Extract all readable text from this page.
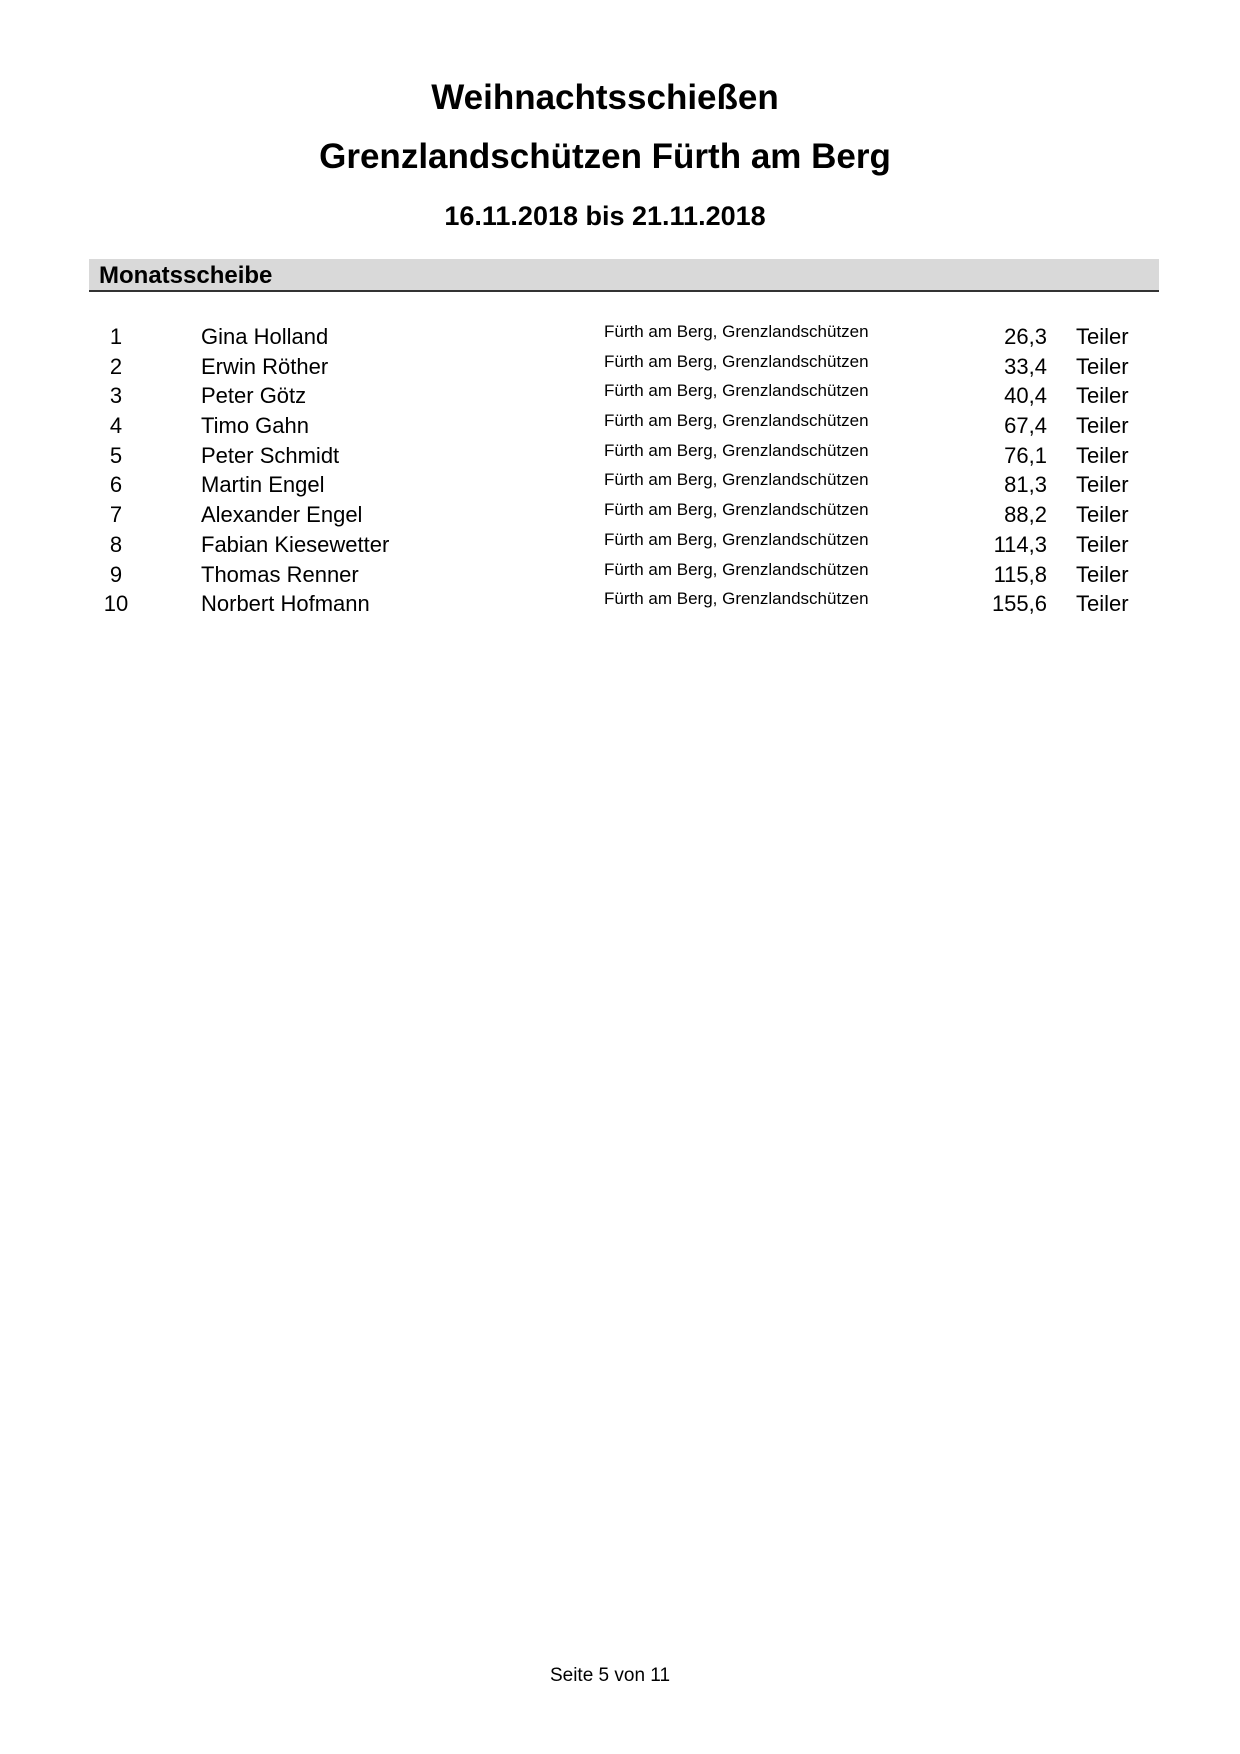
Weihnachtsschießen
Grenzlandschützen Fürth am Berg
16.11.2018 bis 21.11.2018
Monatsscheibe
1	Gina Holland	Fürth am Berg, Grenzlandschützen	26,3 Teiler
2	Erwin Röther	Fürth am Berg, Grenzlandschützen	33,4 Teiler
3	Peter Götz	Fürth am Berg, Grenzlandschützen	40,4 Teiler
4	Timo Gahn	Fürth am Berg, Grenzlandschützen	67,4 Teiler
5	Peter Schmidt	Fürth am Berg, Grenzlandschützen	76,1 Teiler
6	Martin Engel	Fürth am Berg, Grenzlandschützen	81,3 Teiler
7	Alexander Engel	Fürth am Berg, Grenzlandschützen	88,2 Teiler
8	Fabian Kiesewetter	Fürth am Berg, Grenzlandschützen	114,3 Teiler
9	Thomas Renner	Fürth am Berg, Grenzlandschützen	115,8 Teiler
10	Norbert Hofmann	Fürth am Berg, Grenzlandschützen	155,6 Teiler
Seite 5 von 11
